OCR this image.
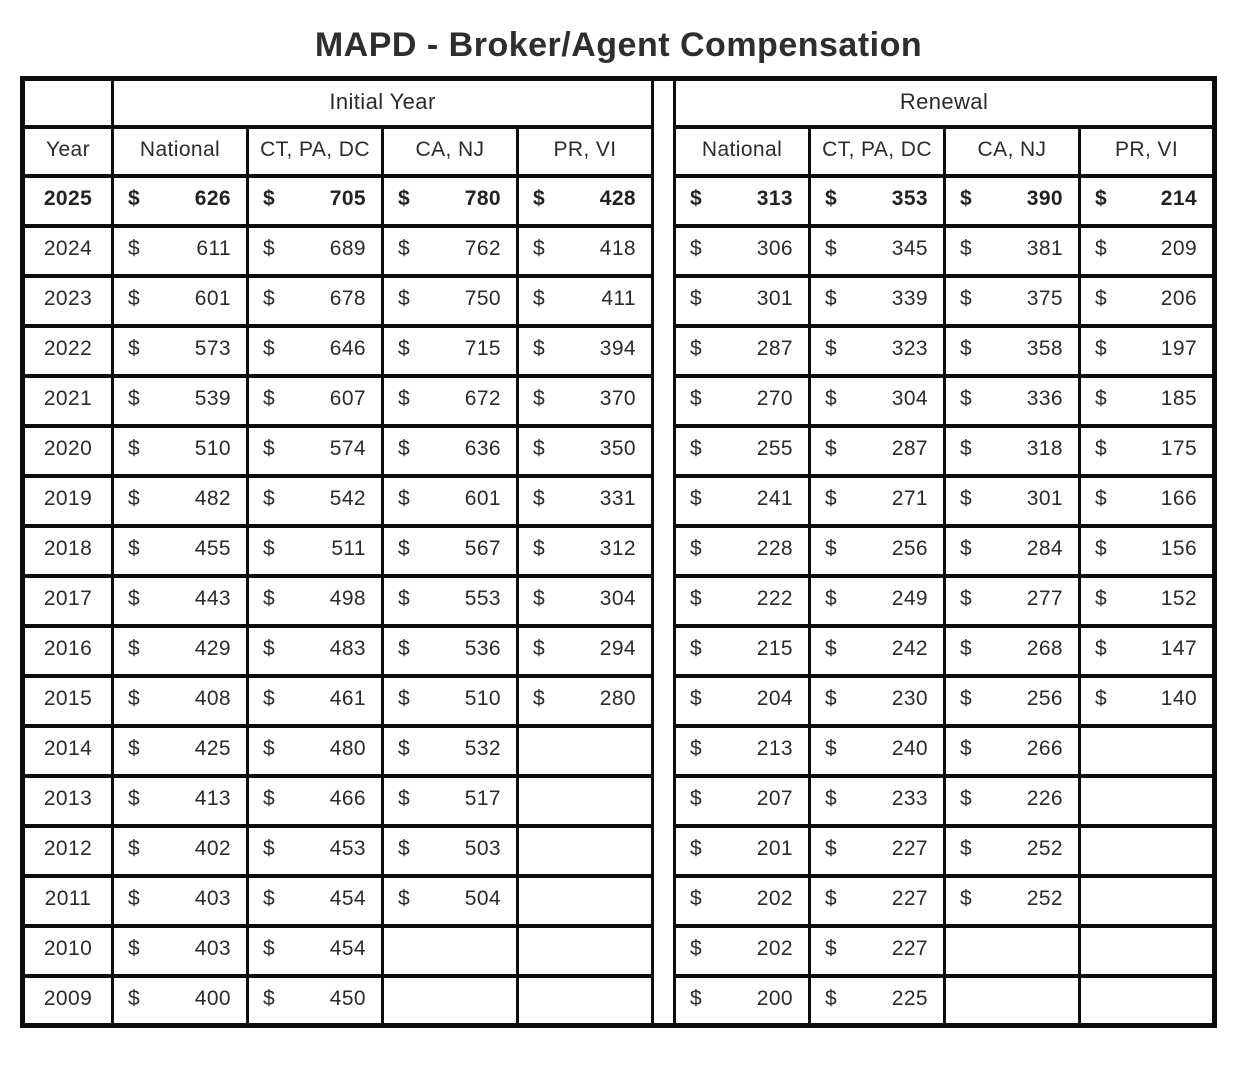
MAPD - Broker/Agent Compensation

	Initial Year					Renewal			

Year	National	CT, PA, DC	CA, NJ	PR, VI		National	CT, PA, DC	CA, NJ	PR, VI

2025	$ 626	$ 705	$ 780	$ 428		$ 313	$ 353	$ 390	$ 214

2024	$ 611	$ 689	$ 762	$ 418		$ 306	$ 345	$ 381	$ 209

2023	$ 601	$ 678	$ 750	$ 411		$ 301	$ 339	$ 375	$ 206

2022	$ 573	$ 646	$ 715	$ 394		$ 287	$ 323	$ 358	$ 197

2021	$ 539	$ 607	$ 672	$ 370		$ 270	$ 304	$ 336	$ 185

2020	$ 510	$ 574	$ 636	$ 350		$ 255	$ 287	$ 318	$ 175

2019	$ 482	$ 542	$ 601	$ 331		$ 241	$ 271	$ 301	$ 166

2018	$ 455	$ 511	$ 567	$ 312		$ 228	$ 256	$ 284	$ 156

2017	$ 443	$ 498	$ 553	$ 304		$ 222	$ 249	$ 277	$ 152

2016	$ 429	$ 483	$ 536	$ 294		$ 215	$ 242	$ 268	$ 147

2015	$ 408	$ 461	$ 510	$ 280		$ 204	$ 230	$ 256	$ 140

2014	$ 425	$ 480	$ 532			$ 213	$ 240	$ 266	

2013	$ 413	$ 466	$ 517			$ 207	$ 233	$ 226	

2012	$ 402	$ 453	$ 503			$ 201	$ 227	$ 252	

2011	$ 403	$ 454	$ 504			$ 202	$ 227	$ 252	

2010	$ 403	$ 454				$ 202	$ 227		

2009	$ 400	$ 450				$ 200	$ 225		
